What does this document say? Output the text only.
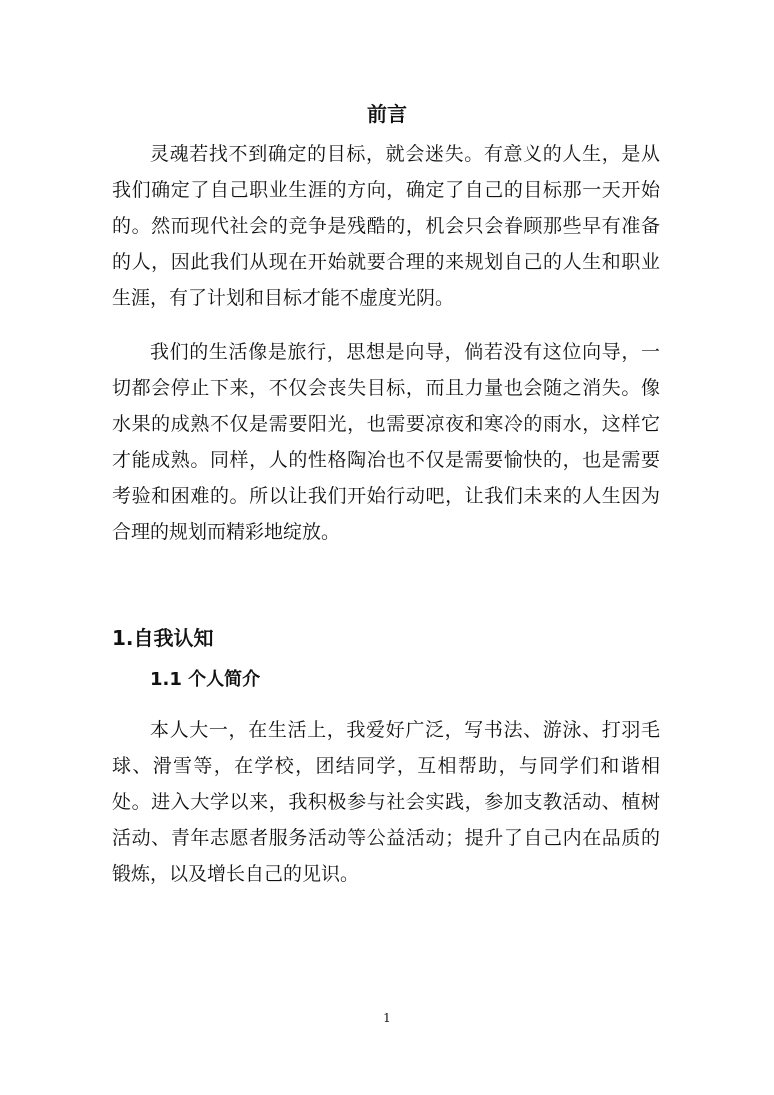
前言

灵魂若找不到确定的目标，就会迷失。有意义的人生，是从我们确定了自己职业生涯的方向，确定了自己的目标那一天开始的。然而现代社会的竞争是残酷的，机会只会眷顾那些早有准备的人，因此我们从现在开始就要合理的来规划自己的人生和职业生涯，有了计划和目标才能不虚度光阴。

我们的生活像是旅行，思想是向导，倘若没有这位向导，一切都会停止下来，不仅会丧失目标，而且力量也会随之消失。像水果的成熟不仅是需要阳光，也需要凉夜和寒冷的雨水，这样它才能成熟。同样，人的性格陶冶也不仅是需要愉快的，也是需要考验和困难的。所以让我们开始行动吧，让我们未来的人生因为合理的规划而精彩地绽放。

1.自我认知
1.1 个人简介

本人大一，在生活上，我爱好广泛，写书法、游泳、打羽毛球、滑雪等，在学校，团结同学，互相帮助，与同学们和谐相处。进入大学以来，我积极参与社会实践，参加支教活动、植树活动、青年志愿者服务活动等公益活动；提升了自己内在品质的锻炼，以及增长自己的见识。

1
